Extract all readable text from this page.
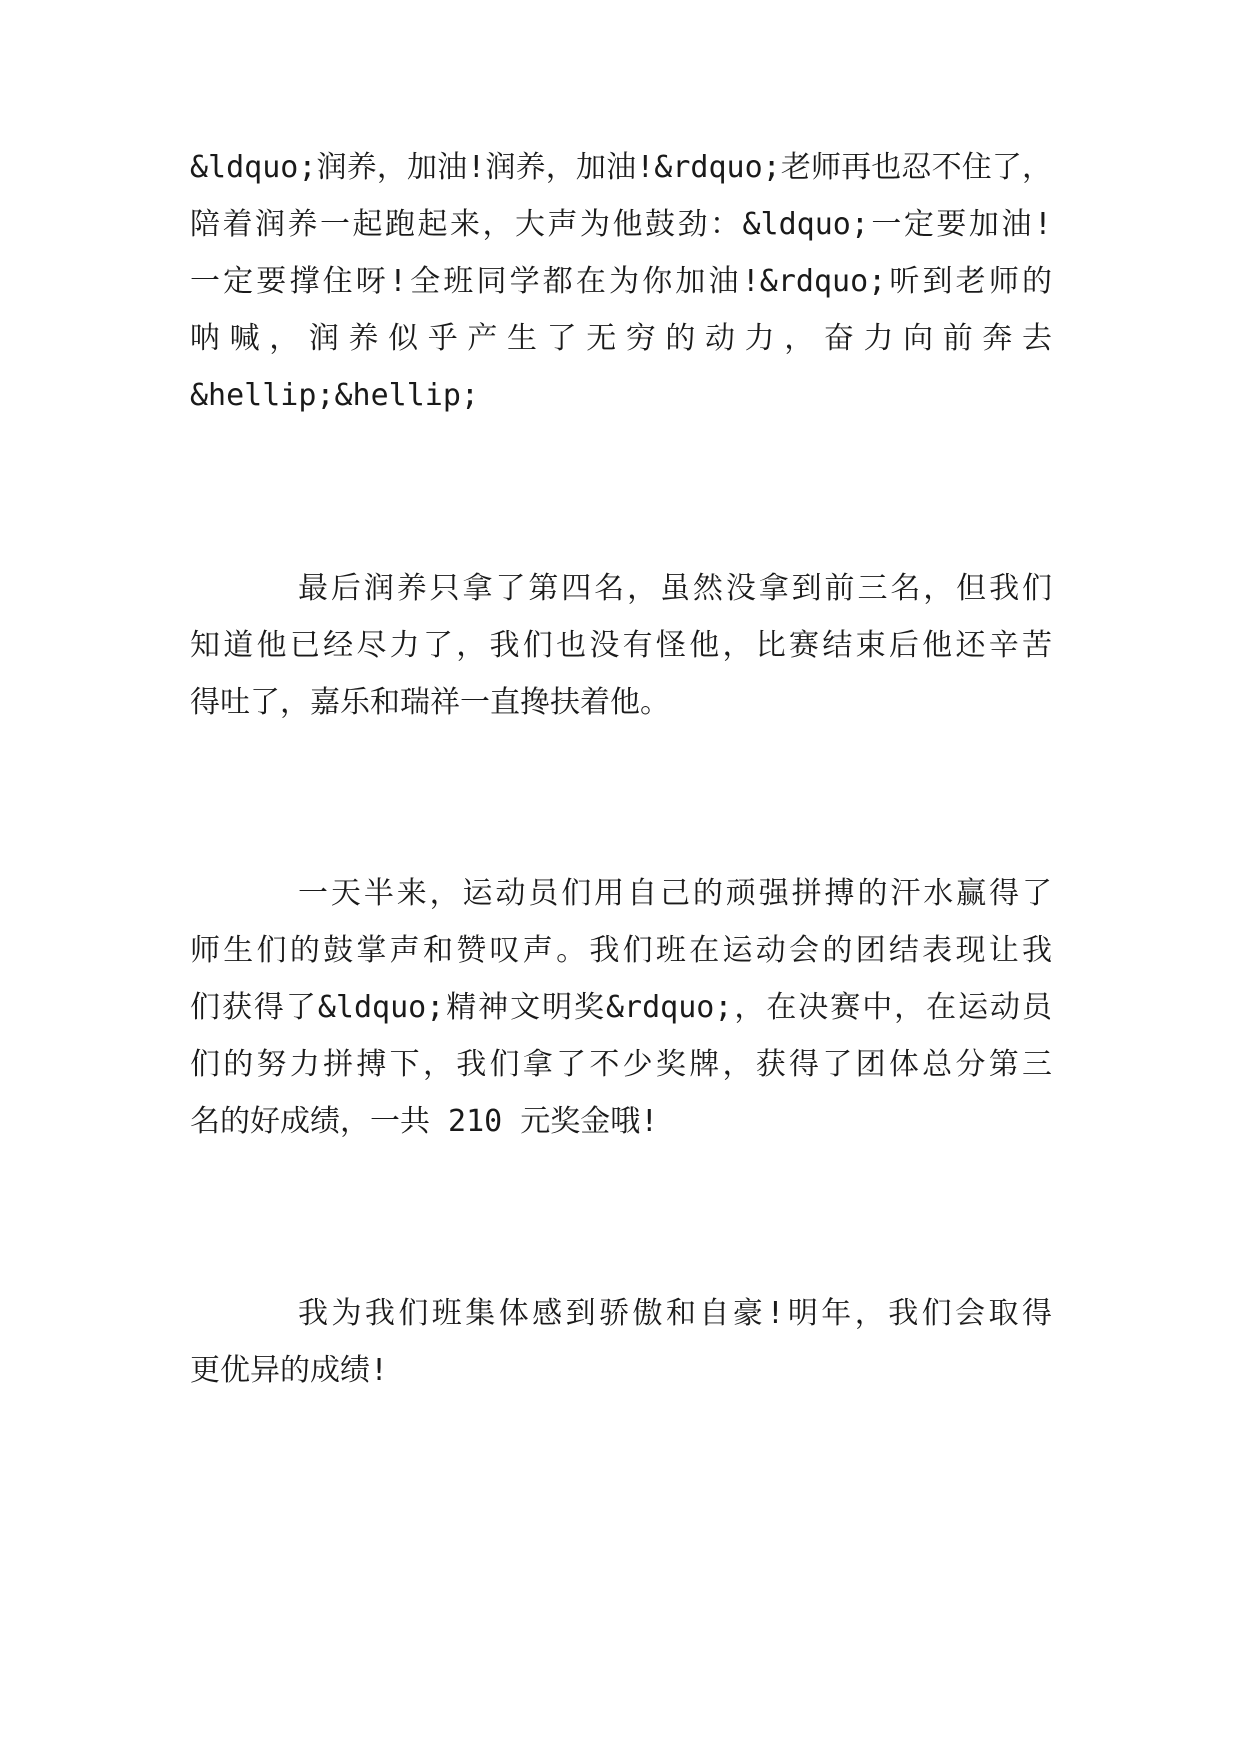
&ldquo;润养，加油!润养，加油!&rdquo;老师再也忍不住了，
陪着润养一起跑起来，大声为他鼓劲：&ldquo;一定要加油!
一定要撑住呀!全班同学都在为你加油!&rdquo;听到老师的
呐喊，润养似乎产生了无穷的动力，奋力向前奔去
&hellip;&hellip;
最后润养只拿了第四名，虽然没拿到前三名，但我们
知道他已经尽力了，我们也没有怪他，比赛结束后他还辛苦
得吐了，嘉乐和瑞祥一直搀扶着他。
一天半来，运动员们用自己的顽强拼搏的汗水赢得了
师生们的鼓掌声和赞叹声。我们班在运动会的团结表现让我
们获得了&ldquo;精神文明奖&rdquo;，在决赛中，在运动员
们的努力拼搏下，我们拿了不少奖牌，获得了团体总分第三
名的好成绩，一共 210 元奖金哦!
我为我们班集体感到骄傲和自豪!明年，我们会取得
更优异的成绩!
